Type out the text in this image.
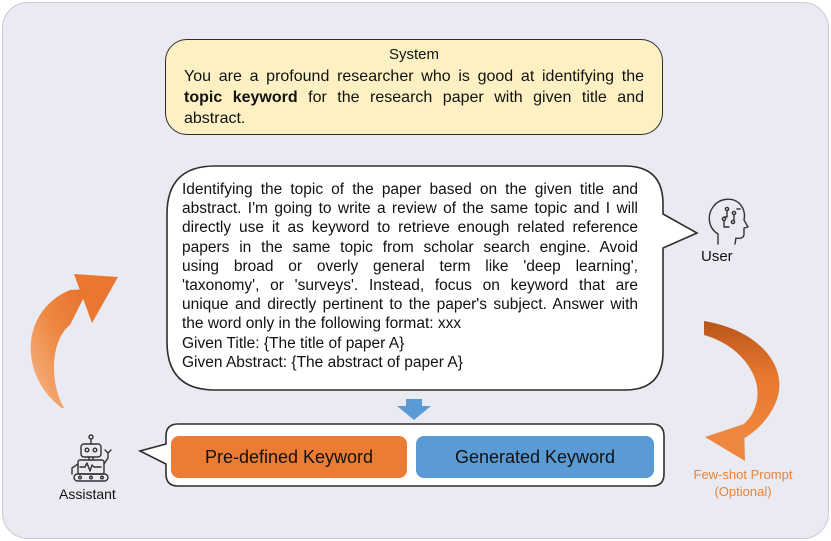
System
You are a profound researcher who is good at identifying the topic keyword for the research paper with given title and abstract.
Identifying the topic of the paper based on the given title and
abstract. I'm going to write a review of the same topic and I will
directly use it as keyword to retrieve enough related reference
papers in the same topic from scholar search engine. Avoid
using broad or overly general term like 'deep learning',
'taxonomy', or 'surveys'. Instead, focus on keyword that are
unique and directly pertinent to the paper's subject. Answer with
the word only in the following format: xxx
Given Title: {The title of paper A}
Given Abstract: {The abstract of paper A}
User
Assistant
Pre-defined Keyword	Generated Keyword
Few-shot Prompt
(Optional)
